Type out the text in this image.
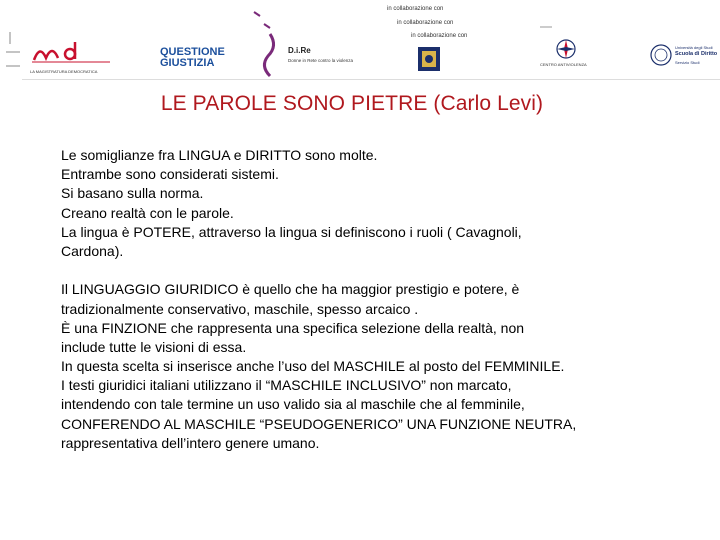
LA MAGISTRATURA DEMOCRATICA
QUESTIONE
GIUSTIZIA
D.i.Re
Donne in Rete contro la violenza
in collaborazione con
in collaborazione con
in collaborazione con
CENTRO ANTIVIOLENZA
Università degli Studi
Scuola di Diritto
Servizio Studi
LE PAROLE SONO PIETRE (Carlo Levi)
Le somiglianze fra LINGUA e DIRITTO sono molte.
Entrambe sono considerati sistemi.
Si basano sulla norma.
Creano realtà con le parole.
La lingua è POTERE, attraverso la lingua si definiscono i ruoli ( Cavagnoli,
Cardona).
Il LINGUAGGIO GIURIDICO è quello che ha maggior prestigio e potere, è
tradizionalmente conservativo, maschile, spesso arcaico .
È una FINZIONE che rappresenta una specifica selezione della realtà, non
include tutte le visioni di essa.
In questa scelta si inserisce anche l’uso del MASCHILE al posto del FEMMINILE.
I testi giuridici italiani utilizzano il “MASCHILE INCLUSIVO” non marcato,
intendendo con tale termine un uso valido sia al maschile che al femminile,
CONFERENDO AL MASCHILE “PSEUDOGENERICO” UNA FUNZIONE NEUTRA,
rappresentativa dell’intero genere umano.
